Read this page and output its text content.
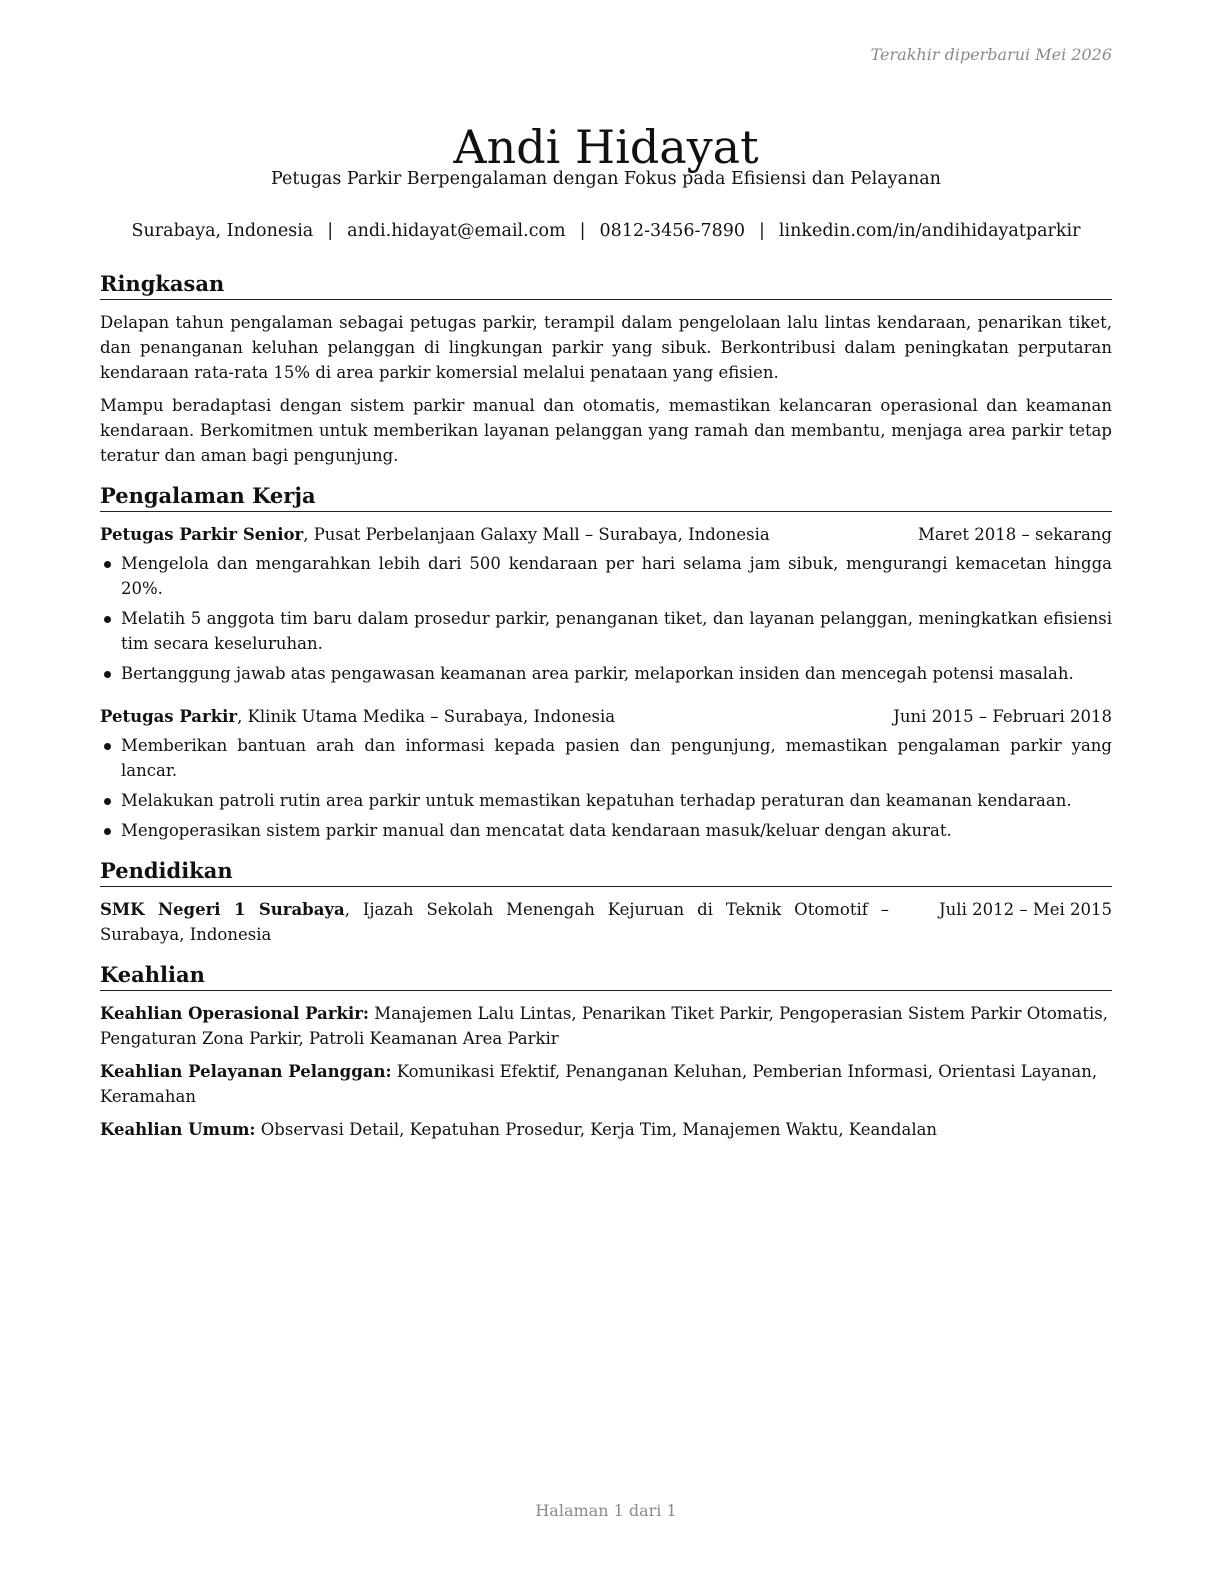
Terakhir diperbarui Mei 2026
Andi Hidayat
Petugas Parkir Berpengalaman dengan Fokus pada Efisiensi dan Pelayanan
Surabaya, Indonesia | andi.hidayat@email.com | 0812-3456-7890 | linkedin.com/in/andihidayatparkir
Ringkasan

Delapan tahun pengalaman sebagai petugas parkir, terampil dalam pengelolaan lalu lintas kendaraan, penarikan tiket, dan penanganan keluhan pelanggan di lingkungan parkir yang sibuk. Berkontribusi dalam peningkatan perputaran kendaraan rata-rata 15% di area parkir komersial melalui penataan yang efisien.

Mampu beradaptasi dengan sistem parkir manual dan otomatis, memastikan kelancaran operasional dan keamanan kendaraan. Berkomitmen untuk memberikan layanan pelanggan yang ramah dan membantu, menjaga area parkir tetap teratur dan aman bagi pengunjung.

Pengalaman Kerja
Petugas Parkir Senior, Pusat Perbelanjaan Galaxy Mall – Surabaya, Indonesia	Maret 2018 – sekarang
Mengelola dan mengarahkan lebih dari 500 kendaraan per hari selama jam sibuk, mengurangi kemacetan hingga 20%.
Melatih 5 anggota tim baru dalam prosedur parkir, penanganan tiket, dan layanan pelanggan, meningkatkan efisiensi tim secara keseluruhan.
Bertanggung jawab atas pengawasan keamanan area parkir, melaporkan insiden dan mencegah potensi masalah.
Petugas Parkir, Klinik Utama Medika – Surabaya, Indonesia	Juni 2015 – Februari 2018
Memberikan bantuan arah dan informasi kepada pasien dan pengunjung, memastikan pengalaman parkir yang lancar.
Melakukan patroli rutin area parkir untuk memastikan kepatuhan terhadap peraturan dan keamanan kendaraan.
Mengoperasikan sistem parkir manual dan mencatat data kendaraan masuk/keluar dengan akurat.
Pendidikan
SMK Negeri 1 Surabaya, Ijazah Sekolah Menengah Kejuruan di Teknik Otomotif – Surabaya, Indonesia
Juli 2012 – Mei 2015
Keahlian

Keahlian Operasional Parkir: Manajemen Lalu Lintas, Penarikan Tiket Parkir, Pengoperasian Sistem Parkir Otomatis, Pengaturan Zona Parkir, Patroli Keamanan Area Parkir

Keahlian Pelayanan Pelanggan: Komunikasi Efektif, Penanganan Keluhan, Pemberian Informasi, Orientasi Layanan, Keramahan

Keahlian Umum: Observasi Detail, Kepatuhan Prosedur, Kerja Tim, Manajemen Waktu, Keandalan

Halaman 1 dari 1
